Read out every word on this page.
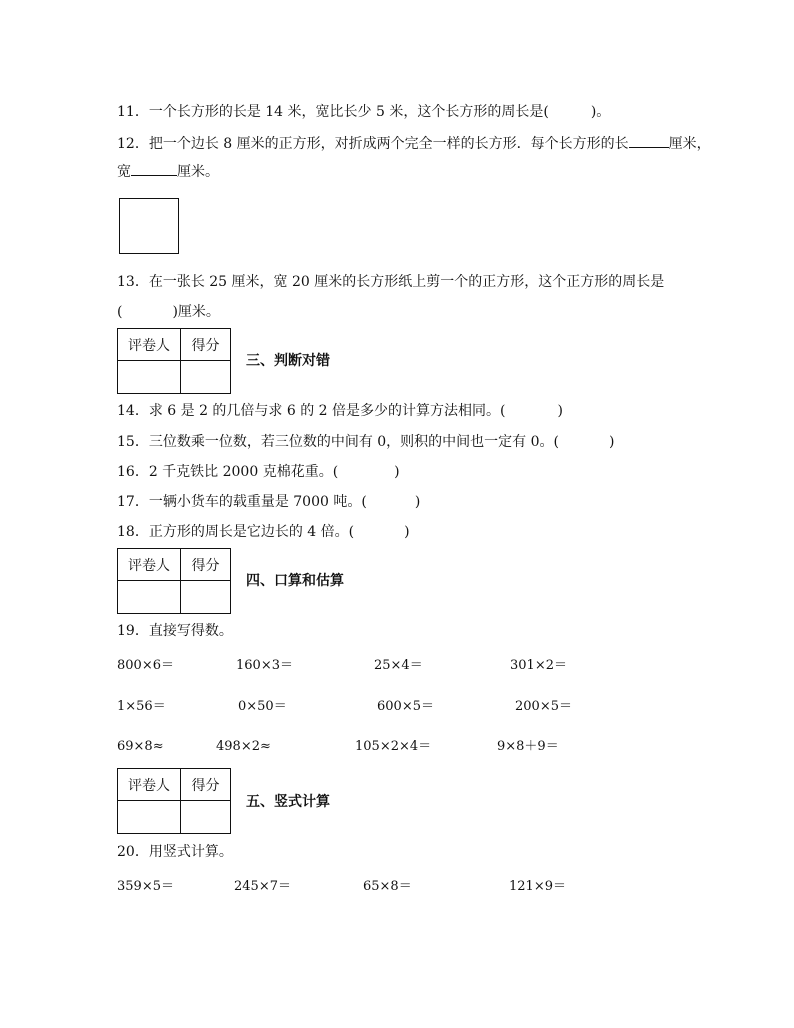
11．一个长方形的长是 14 米，宽比长少 5 米，这个长方形的周长是(	)。
12．把一个边长 8 厘米的正方形，对折成两个完全一样的长方形．每个长方形的长	厘米，
宽	厘米。
13．在一张长 25 厘米，宽 20 厘米的长方形纸上剪一个的正方形，这个正方形的周长是
(	)厘米。
评卷人	得分
三、判断对错
14．求 6 是 2 的几倍与求 6 的 2 倍是多少的计算方法相同。(	)
15．三位数乘一位数，若三位数的中间有 0，则积的中间也一定有 0。(	)
16．2 千克铁比 2000 克棉花重。(	)
17．一辆小货车的载重量是 7000 吨。(	)
18．正方形的周长是它边长的 4 倍。(	)
评卷人	得分
四、口算和估算
19．直接写得数。
800×6＝	160×3＝	25×4＝	301×2＝
1×56＝	0×50＝	600×5＝	200×5＝
69×8≈	498×2≈	105×2×4＝	9×8＋9＝
评卷人	得分
五、竖式计算
20．用竖式计算。
359×5＝	245×7＝	65×8＝	121×9＝
